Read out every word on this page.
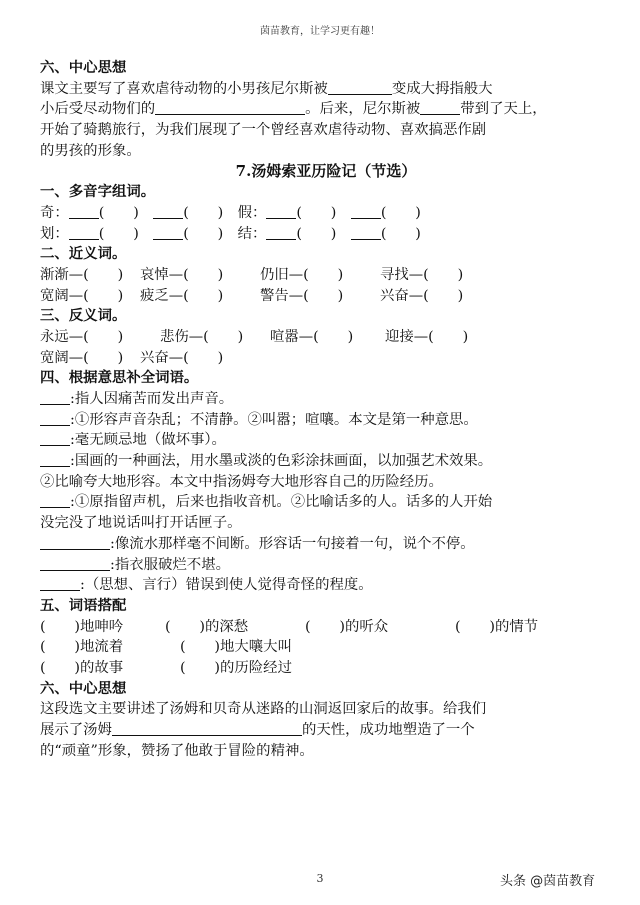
茵苗教育，让学习更有趣！
六、中心思想
课文主要写了喜欢虐待动物的小男孩尼尔斯被	变成大拇指般大
小后受尽动物们的	。后来，尼尔斯被	带到了天上，
开始了骑鹅旅行，为我们展现了一个曾经喜欢虐待动物、喜欢搞恶作剧
的男孩的形象。
7.汤姆索亚历险记（节选）
一、多音字组词。
奇： (　　)　(　　)　假： (　　)　(　　)
划： (　　)　(　　)　结： (　　)　(　　)
二、近义词。
渐渐—(　　) 哀悼—(　　)	仍旧—(　　)	寻找—(　　)
宽阔—(　　) 疲乏—(　　)	警告—(　　)	兴奋—(　　)
三、反义词。
永远—(　　)	悲伤—(　　) 喧嚣—(　　) 迎接—(　　)
宽阔—(　　) 兴奋—(　　)
四、根据意思补全词语。
:指人因痛苦而发出声音。
:①形容声音杂乱；不清静。②叫嚣；喧嚷。本文是第一种意思。
:毫无顾忌地（做坏事）。
:国画的一种画法，用水墨或淡的色彩涂抹画面，以加强艺术效果。
②比喻夸大地形容。本文中指汤姆夸大地形容自己的历险经历。
:①原指留声机，后来也指收音机。②比喻话多的人。话多的人开始
没完没了地说话叫打开话匣子。
:像流水那样毫不间断。形容话一句接着一句，说个不停。
:指衣服破烂不堪。
:（思想、言行）错误到使人觉得奇怪的程度。
五、词语搭配
(　　)地呻吟	(　　)的深愁	(　　)的听众	(　　)的情节
(　　)地流着	(　　)地大嚷大叫
(　　)的故事	(　　)的历险经过
六、中心思想
这段选文主要讲述了汤姆和贝奇从迷路的山洞返回家后的故事。给我们
展示了汤姆	的天性，成功地塑造了一个
的“顽童”形象，赞扬了他敢于冒险的精神。
3	头条 @茵苗教育
